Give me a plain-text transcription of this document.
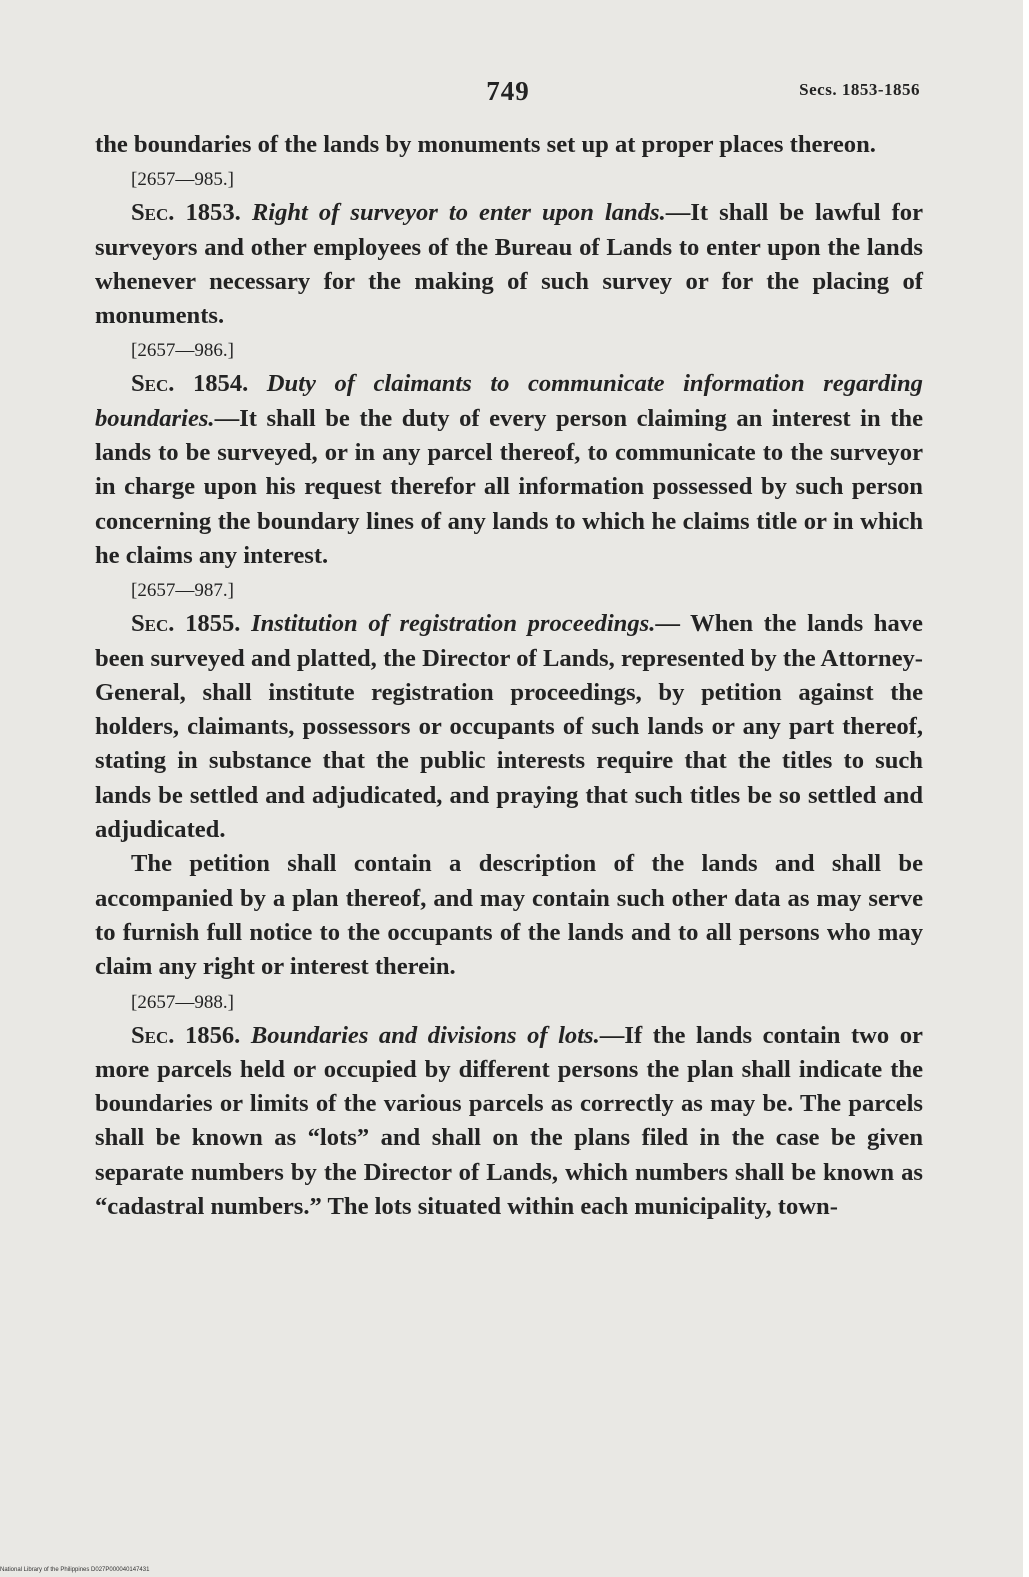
749	Secs. 1853-1856

the boundaries of the lands by monuments set up at proper places thereon.

[2657—985.]

Sec. 1853. Right of surveyor to enter upon lands.—It shall be lawful for surveyors and other employees of the Bureau of Lands to enter upon the lands whenever necessary for the making of such survey or for the placing of monuments.

[2657—986.]

Sec. 1854. Duty of claimants to communicate information regarding boundaries.—It shall be the duty of every person claiming an interest in the lands to be surveyed, or in any parcel thereof, to communicate to the surveyor in charge upon his request therefor all information possessed by such person concerning the boundary lines of any lands to which he claims title or in which he claims any interest.

[2657—987.]

Sec. 1855. Institution of registration proceedings.— When the lands have been surveyed and platted, the Director of Lands, represented by the Attorney-General, shall institute registration proceedings, by petition against the holders, claimants, possessors or occupants of such lands or any part thereof, stating in substance that the public interests require that the titles to such lands be settled and adjudicated, and praying that such titles be so settled and adjudicated.

The petition shall contain a description of the lands and shall be accompanied by a plan thereof, and may contain such other data as may serve to furnish full notice to the occupants of the lands and to all persons who may claim any right or interest therein.

[2657—988.]

Sec. 1856. Boundaries and divisions of lots.—If the lands contain two or more parcels held or occupied by different persons the plan shall indicate the boundaries or limits of the various parcels as correctly as may be. The parcels shall be known as “lots” and shall on the plans filed in the case be given separate numbers by the Director of Lands, which numbers shall be known as “cadastral numbers.” The lots situated within each municipality, town-

National Library of the Philippines D027P000040147431
